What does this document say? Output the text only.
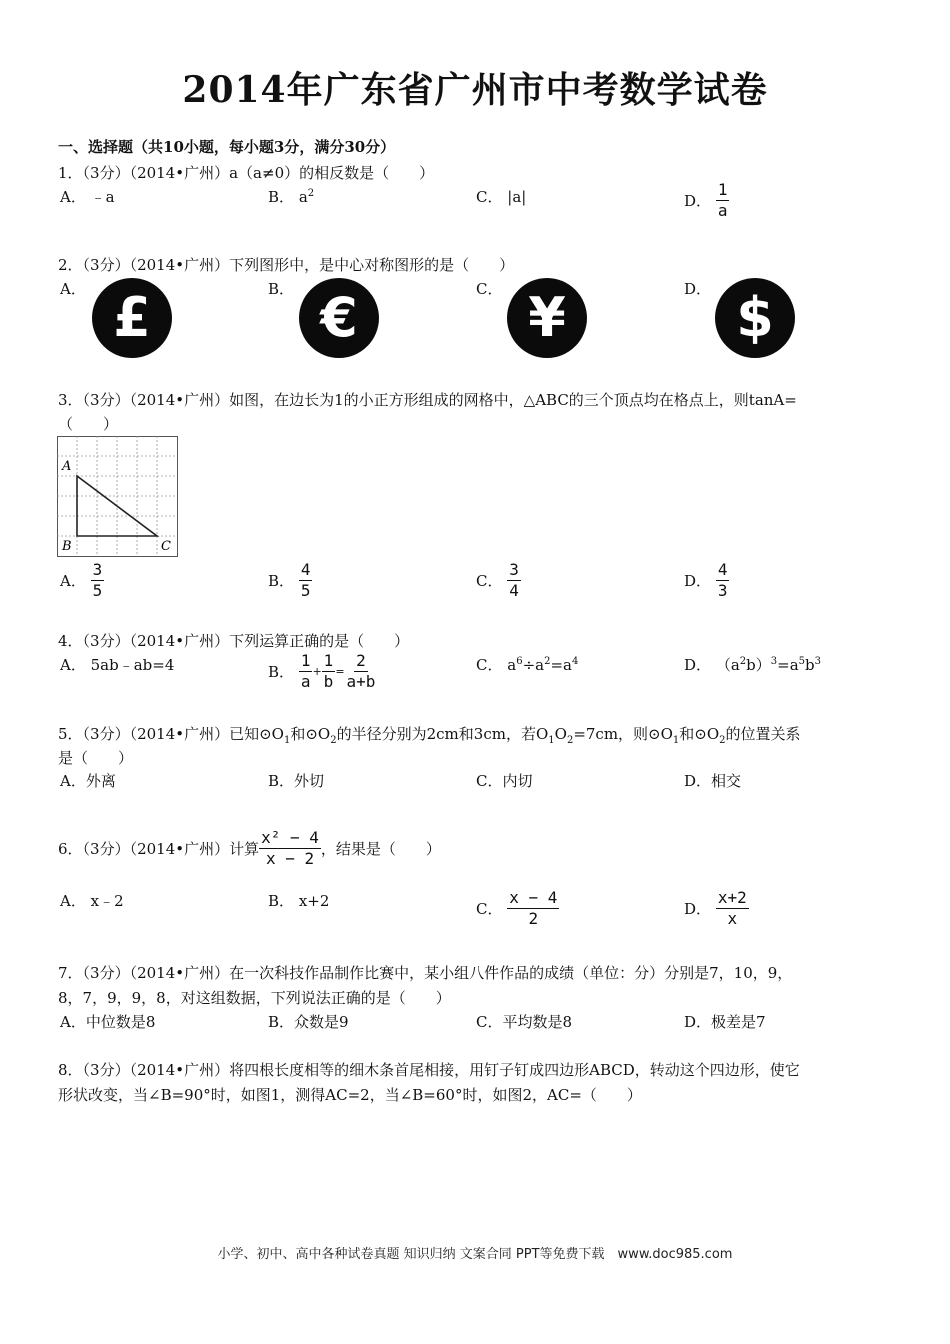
2014年广东省广州市中考数学试卷
一、选择题（共10小题，每小题3分，满分30分）
1．（3分）（2014•广州）a（a≠0）的相反数是（　　）
A． ﹣a	B． $a^2$	C． |a|	D． $\frac{1}{a}$
2．（3分）（2014•广州）下列图形中，是中心对称图形的是（　　）
A． £	B． €	C． ¥	D． $
3．（3分）（2014•广州）如图，在边长为1的小正方形组成的网格中，△ABC的三个顶点均在格点上，则tanA=
（　　）
A
B	C
A． $\frac{3}{5}$	B． $\frac{4}{5}$	C． $\frac{3}{4}$	D． $\frac{4}{3}$
4．（3分）（2014•广州）下列运算正确的是（　　）
A． 5ab﹣ab=4	B． $\frac{1}{a} + \frac{1}{b} = \frac{2}{a+b}$	C． $a^6\div a^2=a^4$	D． $(a^2b)^3=a^5b^3$
5．（3分）（2014•广州）已知$⊙O_1$和$⊙O_2$的半径分别为2cm和3cm，若$O_1O_2=7cm$，则$⊙O_1$和$⊙O_2$的位置关系
是（　　）
A．外离	B．外切	C．内切	D．相交
6．（3分）（2014•广州）计算 $\frac{\text{x² − 4}}{x - 2}$ ，结果是（　　）
A． x﹣2	B． x+2	C． $\frac{x - 4}{2}$	D． $\frac{x+2}{x}$
7．（3分）（2014•广州）在一次科技作品制作比赛中，某小组八件作品的成绩（单位：分）分别是7，10，9，
8，7，9，9，8，对这组数据，下列说法正确的是（　　）
A．中位数是8	B．众数是9	C．平均数是8	D．极差是7
8．（3分）（2014•广州）将四根长度相等的细木条首尾相接，用钉子钉成四边形ABCD，转动这个四边形，使它
形状改变，当∠B=90°时，如图1，测得AC=2，当∠B=60°时，如图2，AC=（　　）
小学、初中、高中各种试卷真题 知识归纳 文案合同 PPT等免费下载　www.doc985.com
